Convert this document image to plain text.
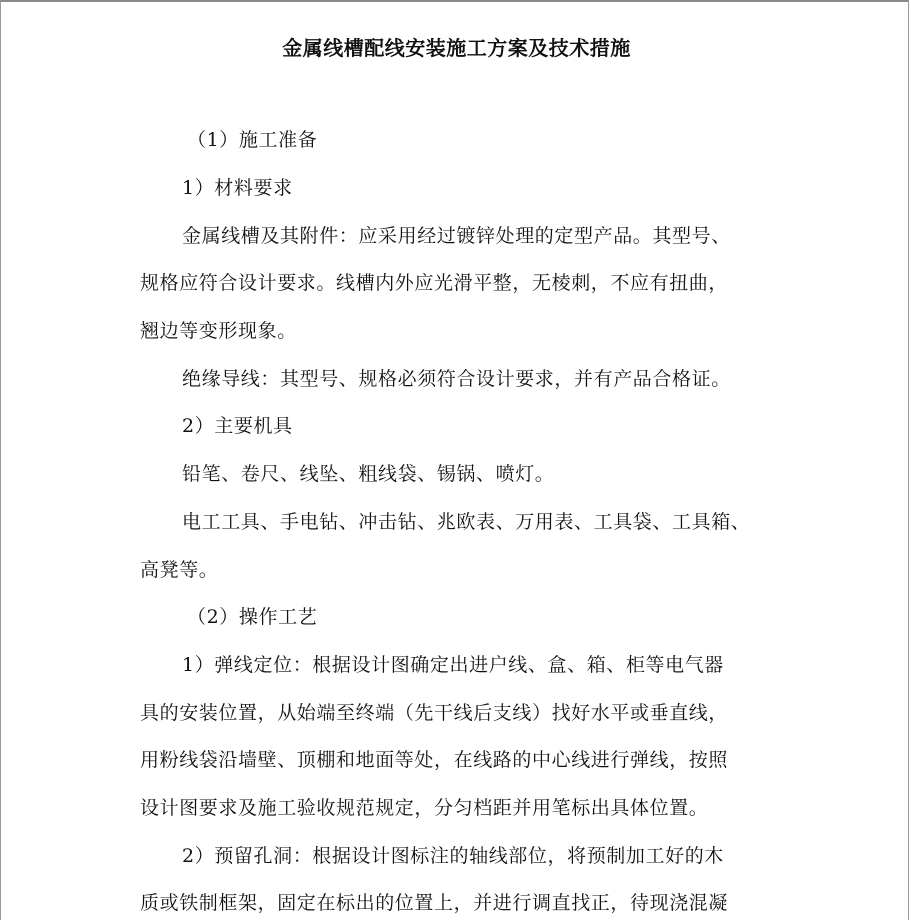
金属线槽配线安装施工方案及技术措施
（1）施工准备
1）材料要求
金属线槽及其附件：应采用经过镀锌处理的定型产品。其型号、
规格应符合设计要求。线槽内外应光滑平整，无棱刺，不应有扭曲，
翘边等变形现象。
绝缘导线：其型号、规格必须符合设计要求，并有产品合格证。
2）主要机具
铅笔、卷尺、线坠、粗线袋、锡锅、喷灯。
电工工具、手电钻、冲击钻、兆欧表、万用表、工具袋、工具箱、
高凳等。
（2）操作工艺
1）弹线定位：根据设计图确定出进户线、盒、箱、柜等电气器
具的安装位置，从始端至终端（先干线后支线）找好水平或垂直线，
用粉线袋沿墙壁、顶棚和地面等处，在线路的中心线进行弹线，按照
设计图要求及施工验收规范规定，分匀档距并用笔标出具体位置。
2）预留孔洞：根据设计图标注的轴线部位，将预制加工好的木
质或铁制框架，固定在标出的位置上，并进行调直找正，待现浇混凝
